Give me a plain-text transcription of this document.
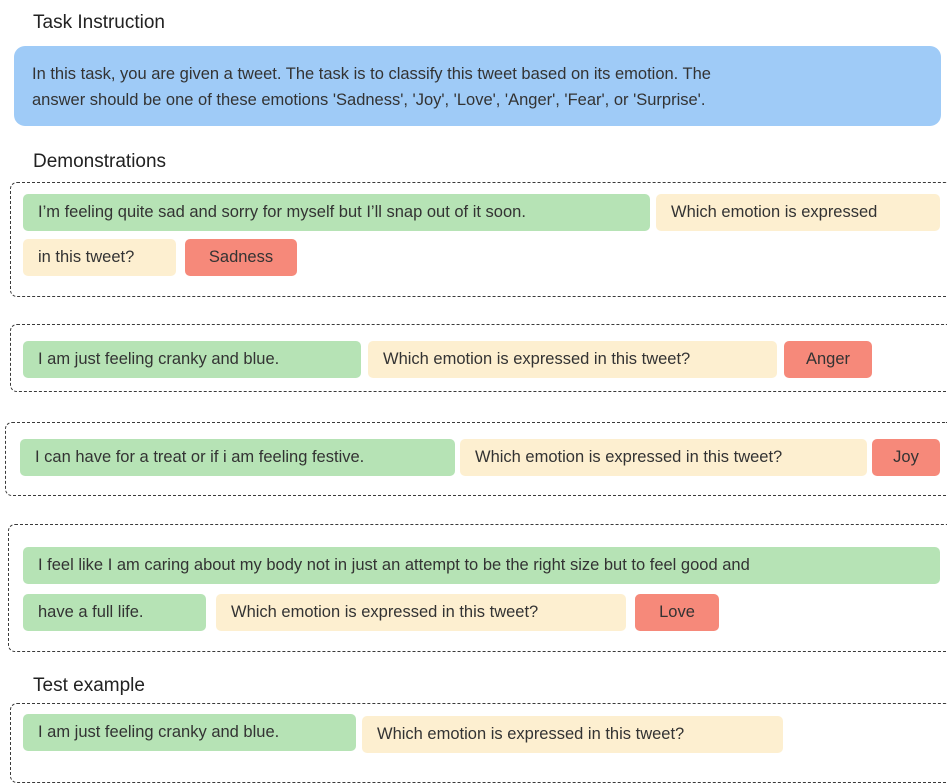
Task Instruction
In this task, you are given a tweet. The task is to classify this tweet based on its emotion. The
answer should be one of these emotions 'Sadness', 'Joy', 'Love', 'Anger', 'Fear', or 'Surprise'.
Demonstrations
I’m feeling quite sad and sorry for myself but I’ll snap out of it soon.	Which emotion is expressed
in this tweet?	Sadness
I am just feeling cranky and blue.	Which emotion is expressed in this tweet?	Anger
I can have for a treat or if i am feeling festive.	Which emotion is expressed in this tweet?	Joy
I feel like I am caring about my body not in just an attempt to be the right size but to feel good and
have a full life.	Which emotion is expressed in this tweet?	Love
Test example
I am just feeling cranky and blue.	Which emotion is expressed in this tweet?
